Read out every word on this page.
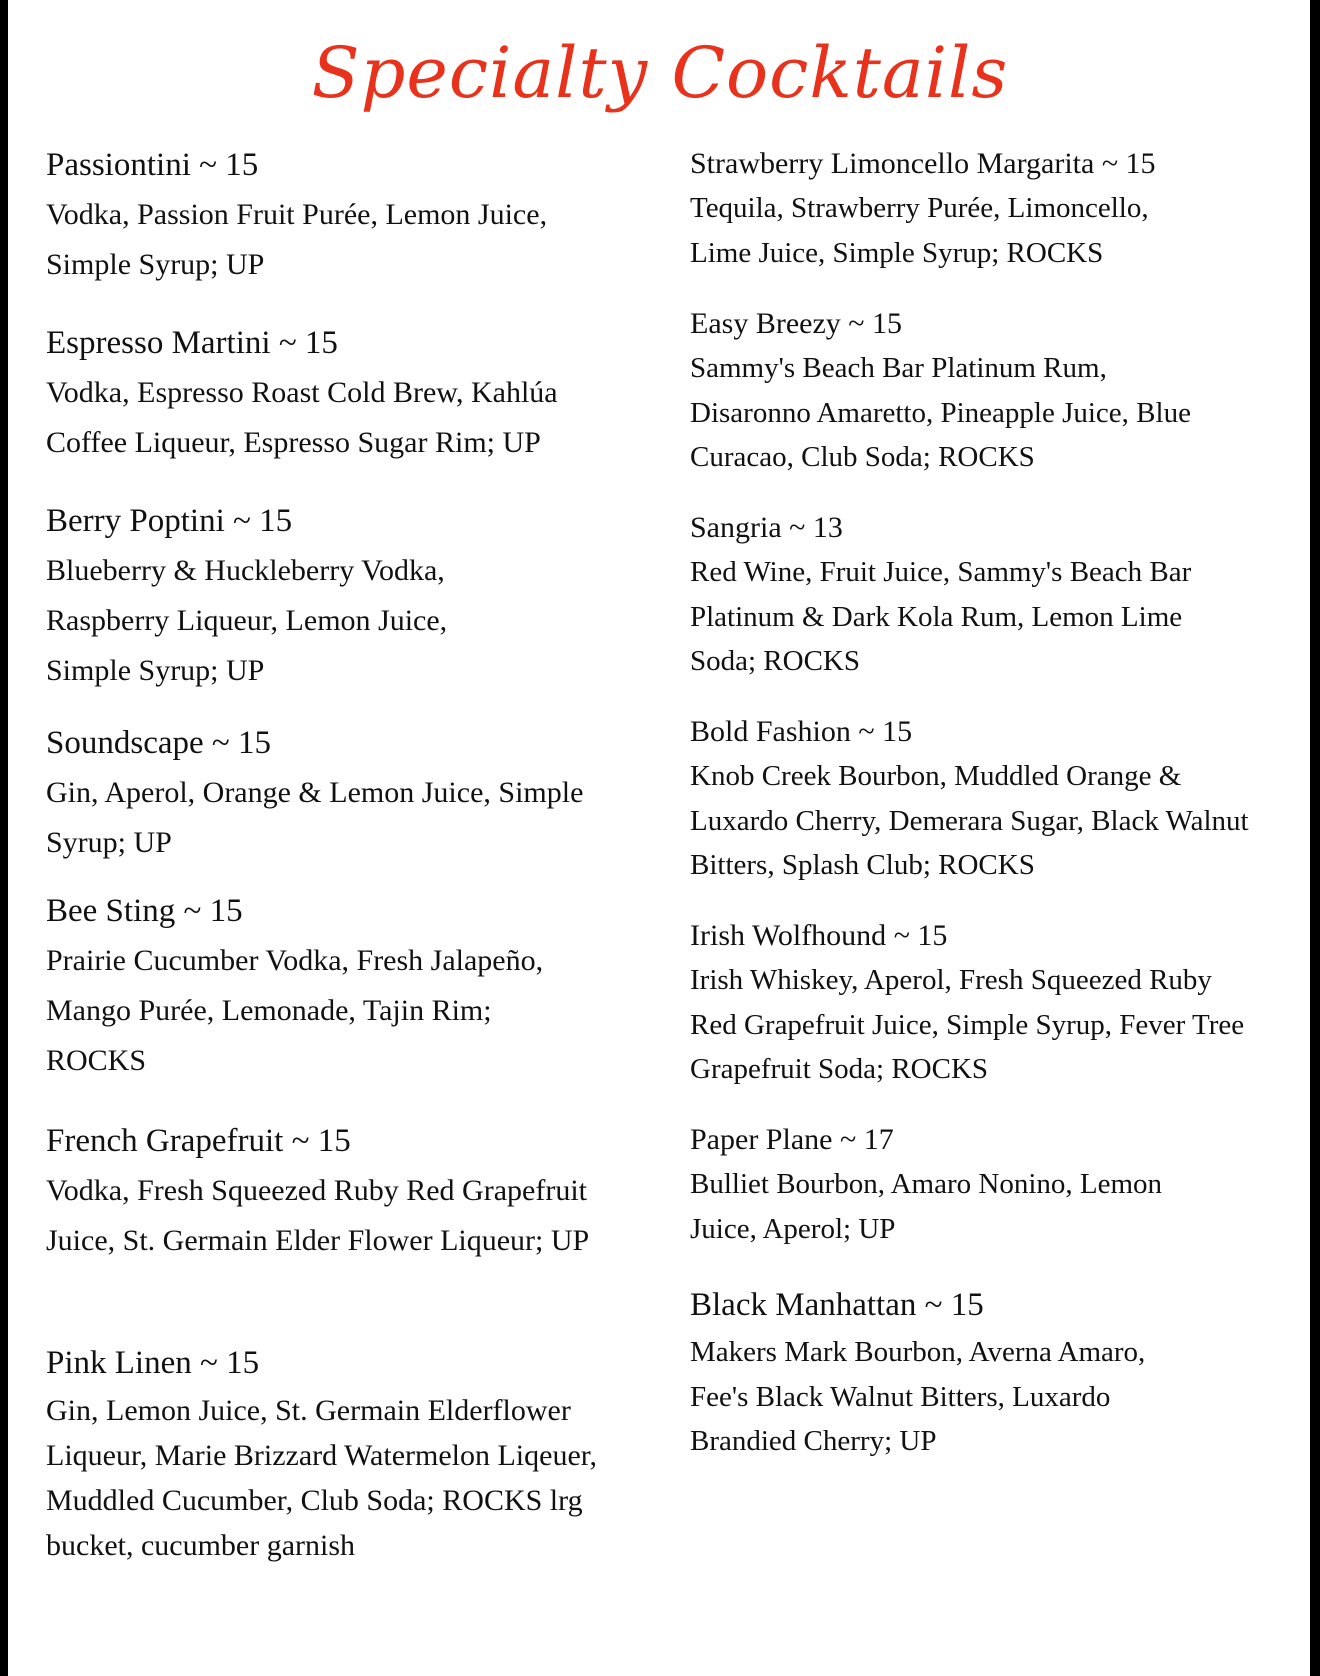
Specialty Cocktails
Passiontini ~ 15
Vodka, Passion Fruit Purée, Lemon Juice, Simple Syrup; UP
Espresso Martini ~ 15
Vodka, Espresso Roast Cold Brew, Kahlúa Coffee Liqueur, Espresso Sugar Rim; UP
Berry Poptini ~ 15
Blueberry & Huckleberry Vodka, Raspberry Liqueur, Lemon Juice, Simple Syrup; UP
Soundscape ~ 15
Gin, Aperol, Orange & Lemon Juice, Simple Syrup; UP
Bee Sting ~ 15
Prairie Cucumber Vodka, Fresh Jalapeño, Mango Purée, Lemonade, Tajin Rim; ROCKS
French Grapefruit ~ 15
Vodka, Fresh Squeezed Ruby Red Grapefruit Juice, St. Germain Elder Flower Liqueur; UP
Pink Linen ~ 15
Gin, Lemon Juice, St. Germain Elderflower Liqueur, Marie Brizzard Watermelon Liqeuer, Muddled Cucumber, Club Soda; ROCKS lrg bucket, cucumber garnish
Strawberry Limoncello Margarita ~ 15
Tequila, Strawberry Purée, Limoncello, Lime Juice, Simple Syrup; ROCKS
Easy Breezy ~ 15
Sammy's Beach Bar Platinum Rum, Disaronno Amaretto, Pineapple Juice, Blue Curacao, Club Soda; ROCKS
Sangria ~ 13
Red Wine, Fruit Juice, Sammy's Beach Bar Platinum & Dark Kola Rum, Lemon Lime Soda; ROCKS
Bold Fashion ~ 15
Knob Creek Bourbon, Muddled Orange & Luxardo Cherry, Demerara Sugar, Black Walnut Bitters, Splash Club; ROCKS
Irish Wolfhound ~ 15
Irish Whiskey, Aperol, Fresh Squeezed Ruby Red Grapefruit Juice, Simple Syrup, Fever Tree Grapefruit Soda; ROCKS
Paper Plane ~ 17
Bulliet Bourbon, Amaro Nonino, Lemon Juice, Aperol; UP
Black Manhattan ~ 15
Makers Mark Bourbon, Averna Amaro, Fee's Black Walnut Bitters, Luxardo Brandied Cherry; UP
